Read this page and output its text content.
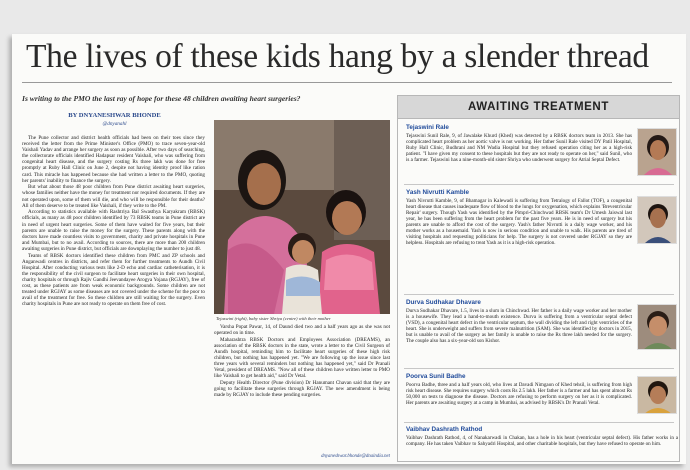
The lives of these kids hang by a slender thread
Is writing to the PMO the last ray of hope for these 48 children awaiting heart surgeries?
BY DNYANESHWAR BHONDE
@dnyanahl

The Pune collector and district health officials had been on their toes since they received the letter from the Prime Minister's Office (PMO) to trace seven-year-old Vaishali Yadav and arrange her surgery as soon as possible. After two days of searching, the collectorate officials identified Hadapsar resident Vaishali, who was suffering from congenital heart disease, and the surgery costing Rs three lakh was done for free promptly at Ruby Hall Clinic on June 2, despite not having identity proof like ration card. This miracle has happened because she had written a letter to the PMO, quoting her parents' inability to finance the surgery.

But what about those 48 poor children from Pune district awaiting heart surgeries, whose families neither have the money for treatment nor required documents. If they are not operated upon, some of them will die, and who will be responsible for their deaths? All of them deserve to be treated like Vaishali, if they write to the PM.

According to statistics available with Rashtriya Bal Swasthya Karyakram (RBSK) officials, as many as 48 poor children identified by 73 RBSK teams in Pune district are in need of urgent heart surgeries. Some of them have waited for five years, but their parents are unable to raise the money for the surgery. These parents along with the doctors have made countless visits to government, charity and private hospitals in Pune and Mumbai, but to no avail. According to sources, there are more than 200 children awaiting surgeries in Pune district, but officials are downplaying the number to just 48.

Teams of RBSK doctors identified these children from PMC and ZP schools and Anganwadi centres in districts, and refer them for further treatments to Aundh Civil Hospital. After conducting various tests like 2-D echo and cardiac catheterisation, it is the responsibility of the civil surgeon to facilitate heart surgeries in their own hospital, charity hospitals or through Rajiv Gandhi Jeevandayee Arogya Yojana (RGJAY), free of cost, as these patients are from weak economic backgrounds. Some children are not treated under RGJAY as some diseases are not covered under the scheme for the poor to avail of the treatment for free. So these children are still waiting for the surgery. Even charity hospitals in Pune are not ready to operate on them free of cost.

Tejaswini (right), baby sister Shriya (centre) with their mother

Varsha Popat Pawar, 14, of Daund died two and a half years ago as she was not operated on in time.

Maharashtra RBSK Doctors and Employees Association (DREAMS), an association of the RBSK doctors in the state, wrote a letter to the Civil Surgeon of Aundh hospital, reminding him to facilitate heart surgeries of these high risk children, but nothing has happened yet. "We are following up the issue since last three years with several reminders but nothing has happened yet," said Dr Pranali Vetal, president of DREAMS. "Now all of these children have written letter to PMO like Vaishali to get health aid," said Dr Vetal.

Deputy Health Director (Pune division) Dr Hanumant Chavan said that they are going to facilitate these surgeries through RGJAY. The new amendment is being made by RGJAY to include these pending surgeries.

dnyaneshwar.bhonde@dnaindia.net
AWAITING TREATMENT
Tejaswini Rale
Tejaswini Sunil Rale, 9, of Jawalake Khurd (Khed) was detected by a RBSK doctors team in 2013. She has complicated heart problem as her aortic valve is not working. Her father Sunil Rale visited DY Patil Hospital, Ruby Hall Clinic, Budhrani and NM Wadia Hospital but they refused operation citing her as a high-risk patient. "I have given my consent to these hospitals but they are not ready to operate on her," said Sunil, who is a farmer. Tejaswini has a nine-month-old sister Shriya who underwent surgery for Atrial Septal Defect.
Yash Nivrutti Kamble
Yash Nivrutti Kamble, 9, of Bhamagar in Kalewadi is suffering from Tetralogy of Fallot (TOF), a congenital heart disease that causes inadequate flow of blood to the lungs for oxygenation, which explains 'Breventricular Repair' surgery. Though Yash was identified by the Pimpri-Chinchwad RBSK team's Dr Umesh Jaiswal last year, he has been suffering from the heart problem for the past five years. He is in need of surgery but his parents are unable to afford the cost of the surgery. Yash's father Nivrutti is a daily wage worker, and his mother works as a housemaid. Yash is now in serious condition and unable to walk. His parents are tired of visiting hospitals and requesting politicians for help. The surgery is not covered under RGJAY so they are helpless. Hospitals are refusing to treat Yash as it is a high-risk operation.
Durva Sudhakar Dhavare
Durva Sudhakar Dhavare, 1.5, lives in a slum in Chinchwad. Her father is a daily wage worker and her mother is a housewife. They lead a hand-to-mouth existence. Durva is suffering from a ventricular septal defect (VSD), a congenital heart defect in the ventricular septum, the wall dividing the left and right ventricles of the heart. She is underweight and suffers from severe malnutrition (SAM). She was identified by doctors in 2015, but is unable to avail of the surgery as her family is unable to raise the Rs three lakh needed for the surgery. The couple also has a six-year-old son Kishor.
Poorva Sunil Badhe
Poorva Badhe, three and a half years old, who lives at Davadi Nimgaon of Khed tehsil, is suffering from high risk heart disease. She requires surgery which costs Rs 2.5 lakh. Her father is a farmer and has spent almost Rs 50,000 on tests to diagnose the disease. Doctors are refusing to perform surgery on her as it is complicated. Her parents are awaiting surgery at a camp in Mumbai, as advised by RBSK's Dr Pranali Vetal.
Vaibhav Dashrath Rathod
Vaibhav Dashrath Rathod, 4, of Nanakarwadi in Chakan, has a hole in his heart (ventricular septal defect). His father works in a company. He has taken Vaibhav to Sahyadri Hospital, and other charitable hospitals, but they have refused to operate on him.
